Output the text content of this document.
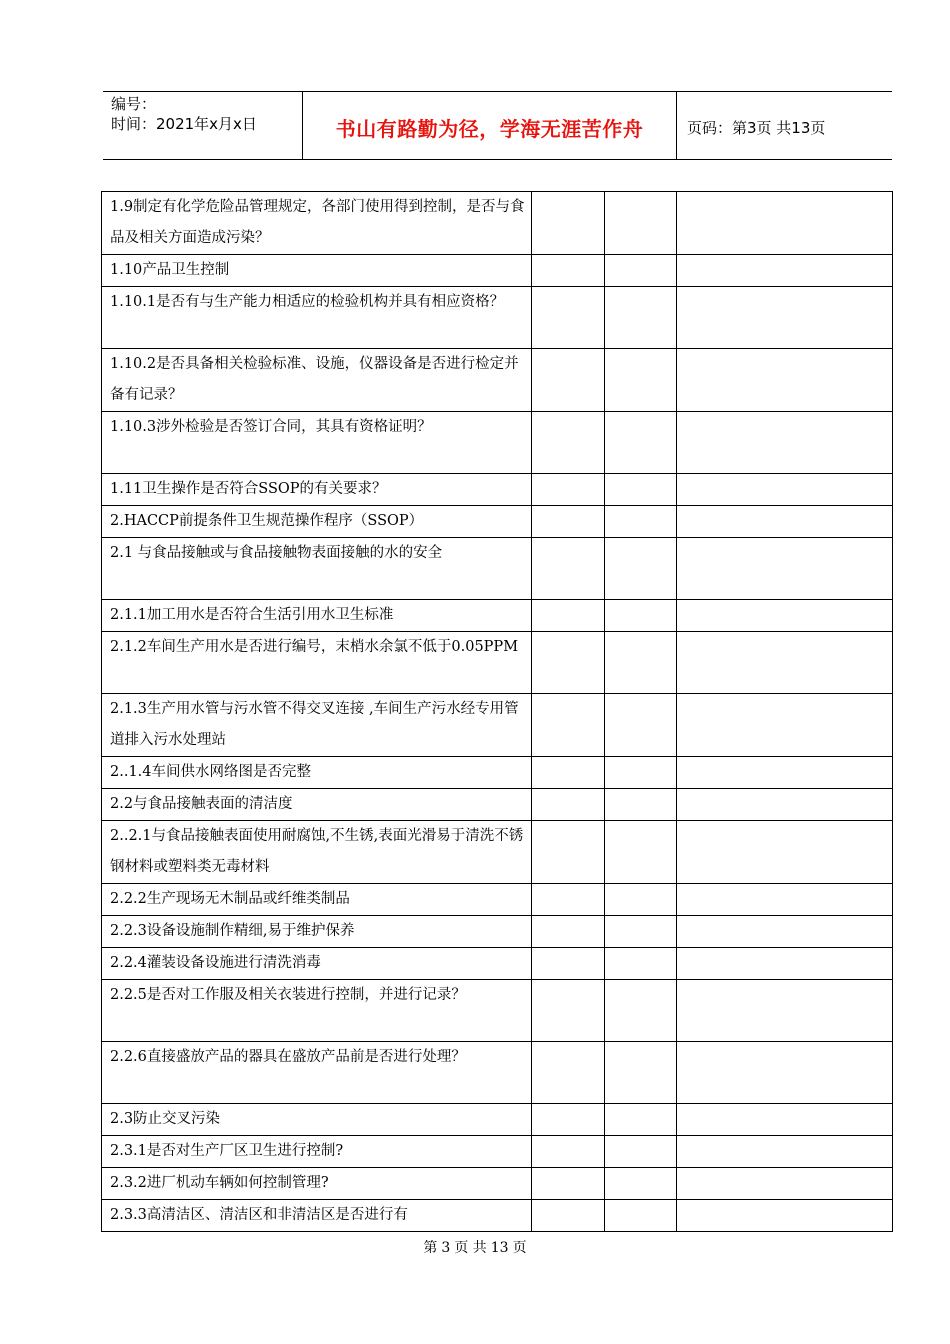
编号：
时间：2021年x月x日	书山有路勤为径，学海无涯苦作舟	页码：第3页 共13页
1.9制定有化学危险品管理规定，各部门使用得到控制，是否与食品及相关方面造成污染？			
1.10产品卫生控制			
1.10.1是否有与生产能力相适应的检验机构并具有相应资格？			
1.10.2是否具备相关检验标准、设施，仪器设备是否进行检定并备有记录？			
1.10.3涉外检验是否签订合同，其具有资格证明？			
1.11卫生操作是否符合SSOP的有关要求？			
2.HACCP前提条件卫生规范操作程序（SSOP）			
2.1 与食品接触或与食品接触物表面接触的水的安全			
2.1.1加工用水是否符合生活引用水卫生标准			
2.1.2车间生产用水是否进行编号，末梢水余氯不低于0.05PPM			
2.1.3生产用水管与污水管不得交叉连接 ,车间生产污水经专用管道排入污水处理站			
2..1.4车间供水网络图是否完整			
2.2与食品接触表面的清洁度			
2..2.1与食品接触表面使用耐腐蚀,不生锈,表面光滑易于清洗不锈钢材料或塑料类无毒材料			
2.2.2生产现场无木制品或纤维类制品			
2.2.3设备设施制作精细,易于维护保养			
2.2.4灌装设备设施进行清洗消毒			
2.2.5是否对工作服及相关衣装进行控制，并进行记录？			
2.2.6直接盛放产品的器具在盛放产品前是否进行处理？			
2.3防止交叉污染			
2.3.1是否对生产厂区卫生进行控制?			
2.3.2进厂机动车辆如何控制管理?			
2.3.3高清洁区、清洁区和非清洁区是否进行有			
第 3 页 共 13 页
